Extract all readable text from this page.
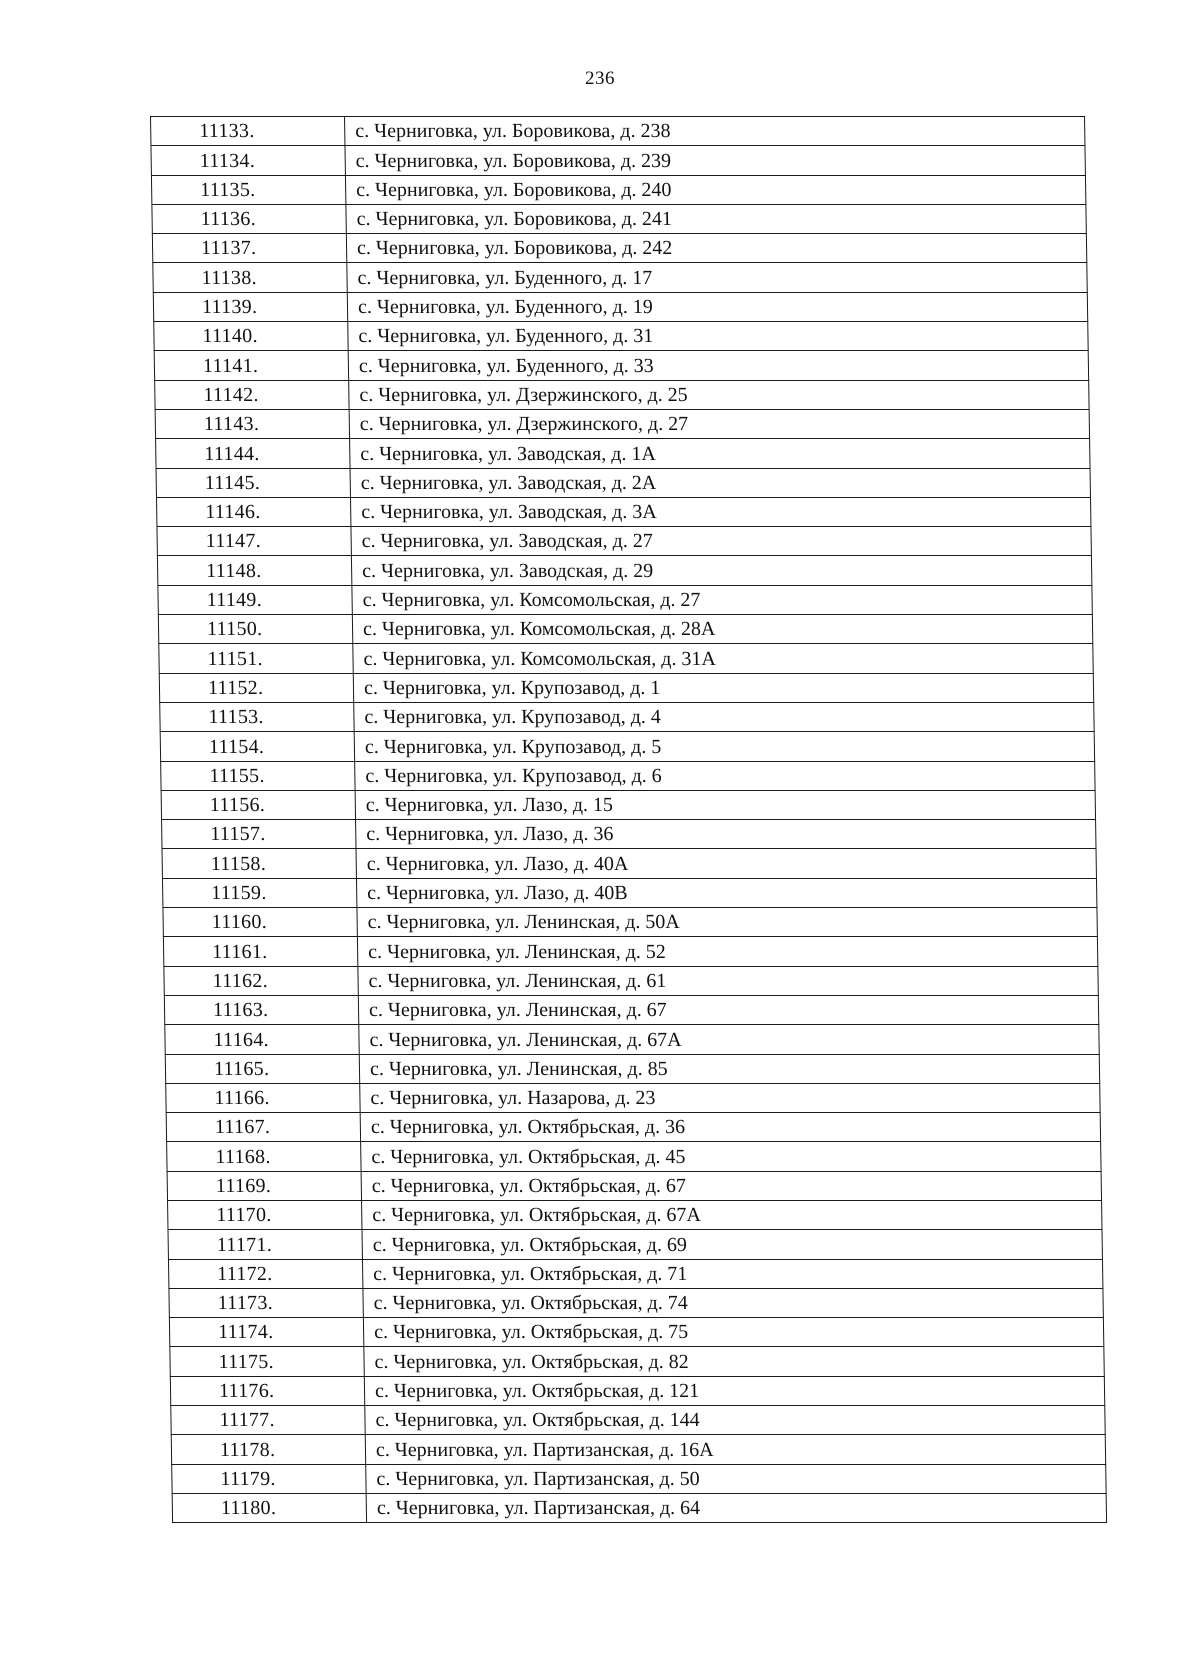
236
11133.	с. Черниговка, ул. Боровикова, д. 238
11134.	с. Черниговка, ул. Боровикова, д. 239
11135.	с. Черниговка, ул. Боровикова, д. 240
11136.	с. Черниговка, ул. Боровикова, д. 241
11137.	с. Черниговка, ул. Боровикова, д. 242
11138.	с. Черниговка, ул. Буденного, д. 17
11139.	с. Черниговка, ул. Буденного, д. 19
11140.	с. Черниговка, ул. Буденного, д. 31
11141.	с. Черниговка, ул. Буденного, д. 33
11142.	с. Черниговка, ул. Дзержинского, д. 25
11143.	с. Черниговка, ул. Дзержинского, д. 27
11144.	с. Черниговка, ул. Заводская, д. 1А
11145.	с. Черниговка, ул. Заводская, д. 2А
11146.	с. Черниговка, ул. Заводская, д. 3А
11147.	с. Черниговка, ул. Заводская, д. 27
11148.	с. Черниговка, ул. Заводская, д. 29
11149.	с. Черниговка, ул. Комсомольская, д. 27
11150.	с. Черниговка, ул. Комсомольская, д. 28А
11151.	с. Черниговка, ул. Комсомольская, д. 31А
11152.	с. Черниговка, ул. Крупозавод, д. 1
11153.	с. Черниговка, ул. Крупозавод, д. 4
11154.	с. Черниговка, ул. Крупозавод, д. 5
11155.	с. Черниговка, ул. Крупозавод, д. 6
11156.	с. Черниговка, ул. Лазо, д. 15
11157.	с. Черниговка, ул. Лазо, д. 36
11158.	с. Черниговка, ул. Лазо, д. 40А
11159.	с. Черниговка, ул. Лазо, д. 40В
11160.	с. Черниговка, ул. Ленинская, д. 50А
11161.	с. Черниговка, ул. Ленинская, д. 52
11162.	с. Черниговка, ул. Ленинская, д. 61
11163.	с. Черниговка, ул. Ленинская, д. 67
11164.	с. Черниговка, ул. Ленинская, д. 67А
11165.	с. Черниговка, ул. Ленинская, д. 85
11166.	с. Черниговка, ул. Назарова, д. 23
11167.	с. Черниговка, ул. Октябрьская, д. 36
11168.	с. Черниговка, ул. Октябрьская, д. 45
11169.	с. Черниговка, ул. Октябрьская, д. 67
11170.	с. Черниговка, ул. Октябрьская, д. 67А
11171.	с. Черниговка, ул. Октябрьская, д. 69
11172.	с. Черниговка, ул. Октябрьская, д. 71
11173.	с. Черниговка, ул. Октябрьская, д. 74
11174.	с. Черниговка, ул. Октябрьская, д. 75
11175.	с. Черниговка, ул. Октябрьская, д. 82
11176.	с. Черниговка, ул. Октябрьская, д. 121
11177.	с. Черниговка, ул. Октябрьская, д. 144
11178.	с. Черниговка, ул. Партизанская, д. 16А
11179.	с. Черниговка, ул. Партизанская, д. 50
11180.	с. Черниговка, ул. Партизанская, д. 64
